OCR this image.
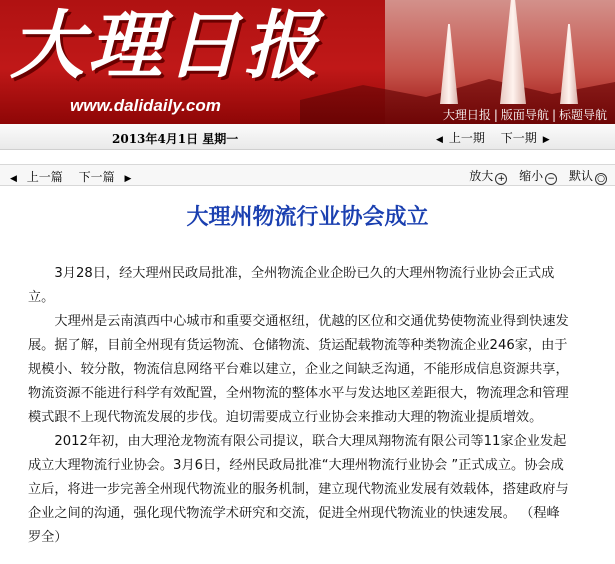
大理日报
www.dalidaily.com	大理日报 | 版面导航 | 标题导航
2013年4月1日 星期一	◀ 上一期 下一期 ▶
◀ 上一篇 下一篇 ▶	放大 + 缩小 − 默认 ○
大理州物流行业协会成立

3月28日，经大理州民政局批准，全州物流企业企盼已久的大理州物流行业协会正式成立。

大理州是云南滇西中心城市和重要交通枢纽，优越的区位和交通优势使物流业得到快速发展。据了解，目前全州现有货运物流、仓储物流、货运配载物流等种类物流企业246家，由于规模小、较分散，物流信息网络平台难以建立，企业之间缺乏沟通，不能形成信息资源共享，物流资源不能进行科学有效配置，全州物流的整体水平与发达地区差距很大，物流理念和管理模式跟不上现代物流发展的步伐。迫切需要成立行业协会来推动大理的物流业提质增效。

2012年初，由大理沧龙物流有限公司提议，联合大理凤翔物流有限公司等11家企业发起成立大理物流行业协会。3月6日，经州民政局批准“大理州物流行业协会 ”正式成立。协会成立后，将进一步完善全州现代物流业的服务机制，建立现代物流业发展有效载体，搭建政府与企业之间的沟通，强化现代物流学术研究和交流，促进全州现代物流业的快速发展。 （程峰 罗全）
